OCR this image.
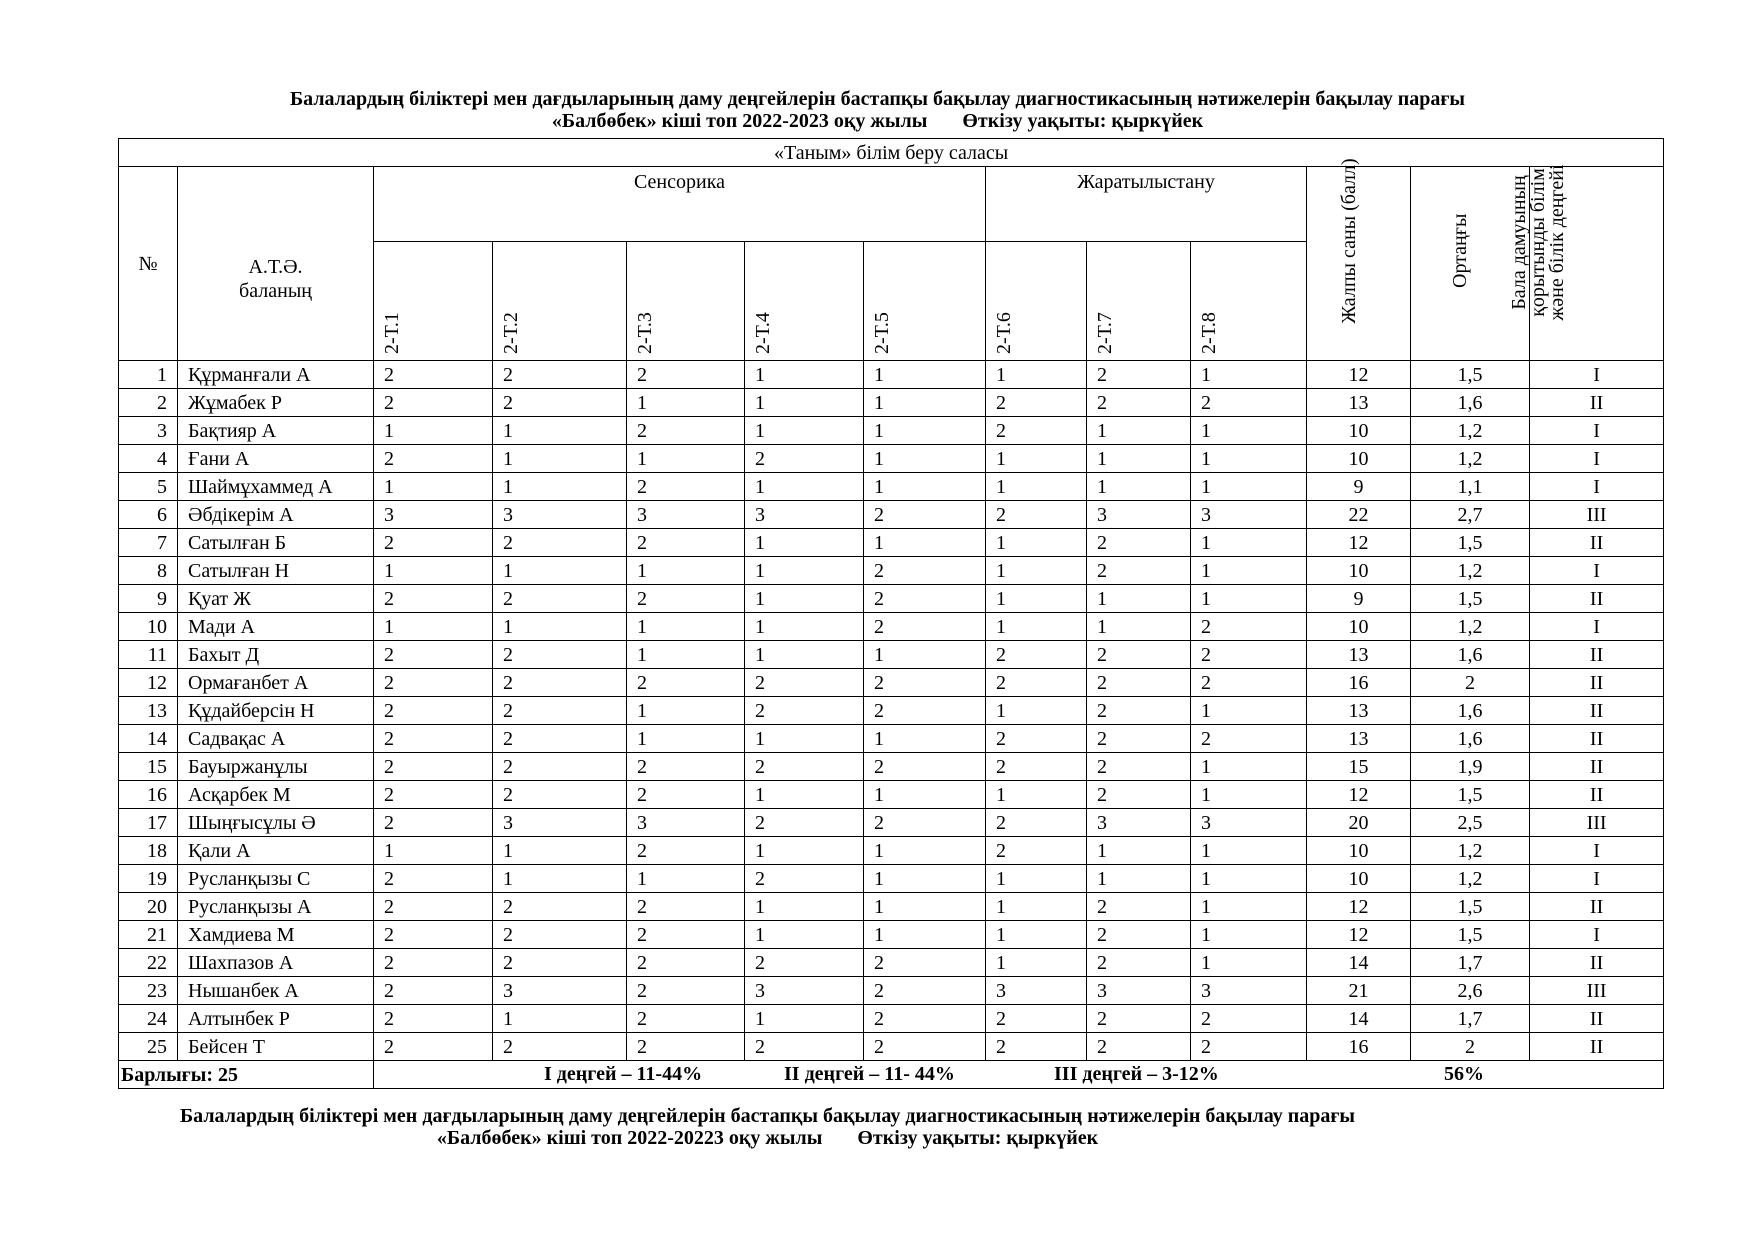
Балалардың біліктері мен дағдыларының даму деңгейлерін бастапқы бақылау диагностикасының нәтижелерін бақылау парағы
«Балбөбек» кіші топ 2022-2023 оқу жылы Өткізу уақыты: қыркүйек
«Таным» білім беру саласы												

№	А.Т.Ә. баланың	Сенсорика					Жаратылыстану			Жалпы саны (балл)	Ортаңғы	Бала дамуының қорытынды білім және білік деңгейі

		2-Т.1	2-Т.2	2-Т.3	2-Т.4	2-Т.5	2-Т.6	2-Т.7	2-Т.8			

1	Құрманғали А	2	2	2	1	1	1	2	1	12	1,5	I
2	Жұмабек Р	2	2	1	1	1	2	2	2	13	1,6	II
3	Бақтияр А	1	1	2	1	1	2	1	1	10	1,2	I
4	Ғани А	2	1	1	2	1	1	1	1	10	1,2	I
5	Шаймұхаммед А	1	1	2	1	1	1	1	1	9	1,1	I
6	Әбдікерім А	3	3	3	3	2	2	3	3	22	2,7	III
7	Сатылған Б	2	2	2	1	1	1	2	1	12	1,5	II
8	Сатылған Н	1	1	1	1	2	1	2	1	10	1,2	I
9	Қуат Ж	2	2	2	1	2	1	1	1	9	1,5	II
10	Мади А	1	1	1	1	2	1	1	2	10	1,2	I
11	Бахыт Д	2	2	1	1	1	2	2	2	13	1,6	II
12	Ормағанбет А	2	2	2	2	2	2	2	2	16	2	II
13	Құдайберсін Н	2	2	1	2	2	1	2	1	13	1,6	II
14	Садвақас А	2	2	1	1	1	2	2	2	13	1,6	II
15	Бауыржанұлы	2	2	2	2	2	2	2	1	15	1,9	II
16	Асқарбек М	2	2	2	1	1	1	2	1	12	1,5	II
17	Шыңғысұлы Ә	2	3	3	2	2	2	3	3	20	2,5	III
18	Қали А	1	1	2	1	1	2	1	1	10	1,2	I
19	Русланқызы С	2	1	1	2	1	1	1	1	10	1,2	I
20	Русланқызы А	2	2	2	1	1	1	2	1	12	1,5	II
21	Хамдиева М	2	2	2	1	1	1	2	1	12	1,5	I
22	Шахпазов А	2	2	2	2	2	1	2	1	14	1,7	II
23	Нышанбек А	2	3	2	3	2	3	3	3	21	2,6	III
24	Алтынбек Р	2	1	2	1	2	2	2	2	14	1,7	II
25	Бейсен Т	2	2	2	2	2	2	2	2	16	2	II
Барлығы: 25		I деңгей – 11-44% II деңгей – 11- 44% III деңгей – 3-12% 56%										
Балалардың біліктері мен дағдыларының даму деңгейлерін бастапқы бақылау диагностикасының нәтижелерін бақылау парағы
«Балбөбек» кіші топ 2022-20223 оқу жылы Өткізу уақыты: қыркүйек
